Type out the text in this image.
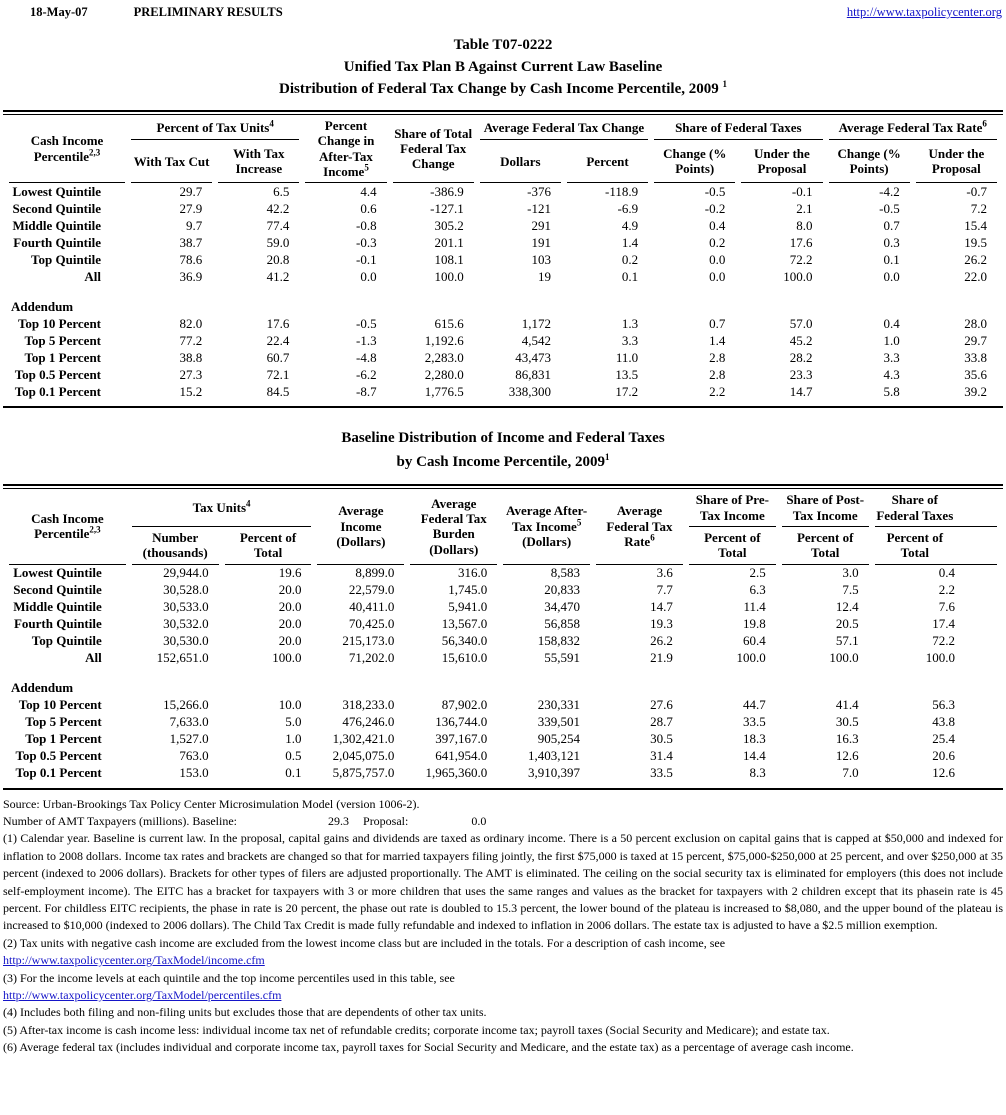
18-May-07	PRELIMINARY RESULTS	http://www.taxpolicycenter.org
Table T07-0222
Unified Tax Plan B Against Current Law Baseline
Distribution of Federal Tax Change by Cash Income Percentile, 2009 $^1$
Cash Income Percentile$^{2,3}$	Percent of Tax Units$^4$		Percent Change in After-Tax Income$^5$	Share of Total Federal Tax Change	Average Federal Tax Change		Share of Federal Taxes		Average Federal Tax Rate$^6$
	With Tax Cut	With Tax Increase			Dollars	Percent	Change (% Points)	Under the Proposal	Change (% Points)	Under the Proposal
Lowest Quintile	29.7	6.5	4.4	-386.9	-376	-118.9	-0.5	-0.1	-4.2	-0.7
Second Quintile	27.9	42.2	0.6	-127.1	-121	-6.9	-0.2	2.1	-0.5	7.2
Middle Quintile	9.7	77.4	-0.8	305.2	291	4.9	0.4	8.0	0.7	15.4
Fourth Quintile	38.7	59.0	-0.3	201.1	191	1.4	0.2	17.6	0.3	19.5
Top Quintile	78.6	20.8	-0.1	108.1	103	0.2	0.0	72.2	0.1	26.2
All	36.9	41.2	0.0	100.0	19	0.1	0.0	100.0	0.0	22.0

Addendum										
Top 10 Percent	82.0	17.6	-0.5	615.6	1,172	1.3	0.7	57.0	0.4	28.0
Top 5 Percent	77.2	22.4	-1.3	1,192.6	4,542	3.3	1.4	45.2	1.0	29.7
Top 1 Percent	38.8	60.7	-4.8	2,283.0	43,473	11.0	2.8	28.2	3.3	33.8
Top 0.5 Percent	27.3	72.1	-6.2	2,280.0	86,831	13.5	2.8	23.3	4.3	35.6
Top 0.1 Percent	15.2	84.5	-8.7	1,776.5	338,300	17.2	2.2	14.7	5.8	39.2
Baseline Distribution of Income and Federal Taxes
by Cash Income Percentile, 2009$^1$
Cash Income Percentile$^{2,3}$	Tax Units$^4$		Average Income (Dollars)	Average Federal Tax Burden (Dollars)	Average After-Tax Income$^5$ (Dollars)	Average Federal Tax Rate$^6$	Share of Pre-Tax Income	Share of Post-Tax Income	Share of Federal Taxes
	Number (thousands)	Percent of Total					Percent of Total	Percent of Total	Percent of Total
Lowest Quintile	29,944.0	19.6	8,899.0	316.0	8,583	3.6	2.5	3.0	0.4
Second Quintile	30,528.0	20.0	22,579.0	1,745.0	20,833	7.7	6.3	7.5	2.2
Middle Quintile	30,533.0	20.0	40,411.0	5,941.0	34,470	14.7	11.4	12.4	7.6
Fourth Quintile	30,532.0	20.0	70,425.0	13,567.0	56,858	19.3	19.8	20.5	17.4
Top Quintile	30,530.0	20.0	215,173.0	56,340.0	158,832	26.2	60.4	57.1	72.2
All	152,651.0	100.0	71,202.0	15,610.0	55,591	21.9	100.0	100.0	100.0

Addendum									
Top 10 Percent	15,266.0	10.0	318,233.0	87,902.0	230,331	27.6	44.7	41.4	56.3
Top 5 Percent	7,633.0	5.0	476,246.0	136,744.0	339,501	28.7	33.5	30.5	43.8
Top 1 Percent	1,527.0	1.0	1,302,421.0	397,167.0	905,254	30.5	18.3	16.3	25.4
Top 0.5 Percent	763.0	0.5	2,045,075.0	641,954.0	1,403,121	31.4	14.4	12.6	20.6
Top 0.1 Percent	153.0	0.1	5,875,757.0	1,965,360.0	3,910,397	33.5	8.3	7.0	12.6

Source: Urban-Brookings Tax Policy Center Microsimulation Model (version 1006-2).

Number of AMT Taxpayers (millions). Baseline:	29.3 Proposal:	0.0

(1) Calendar year. Baseline is current law. In the proposal, capital gains and dividends are taxed as ordinary income. There is a 50 percent exclusion on capital gains that is capped at $50,000 and indexed for inflation to 2008 dollars. Income tax rates and brackets are changed so that for married taxpayers filing jointly, the first $75,000 is taxed at 15 percent, $75,000-$250,000 at 25 percent, and over $250,000 at 35 percent (indexed to 2006 dollars). Brackets for other types of filers are adjusted proportionally. The AMT is eliminated. The ceiling on the social security tax is eliminated for employers (this does not include self-employment income). The EITC has a bracket for taxpayers with 3 or more children that uses the same ranges and values as the bracket for taxpayers with 2 children except that its phasein rate is 45 percent. For childless EITC recipients, the phase in rate is 20 percent, the phase out rate is doubled to 15.3 percent, the lower bound of the plateau is increased to $8,080, and the upper bound of the plateau is increased to $10,000 (indexed to 2006 dollars). The Child Tax Credit is made fully refundable and indexed to inflation in 2006 dollars. The estate tax is adjusted to have a $2.5 million exemption.

(2) Tax units with negative cash income are excluded from the lowest income class but are included in the totals. For a description of cash income, see

http://www.taxpolicycenter.org/TaxModel/income.cfm

(3) For the income levels at each quintile and the top income percentiles used in this table, see

http://www.taxpolicycenter.org/TaxModel/percentiles.cfm

(4) Includes both filing and non-filing units but excludes those that are dependents of other tax units.

(5) After-tax income is cash income less: individual income tax net of refundable credits; corporate income tax; payroll taxes (Social Security and Medicare); and estate tax.

(6) Average federal tax (includes individual and corporate income tax, payroll taxes for Social Security and Medicare, and the estate tax) as a percentage of average cash income.
